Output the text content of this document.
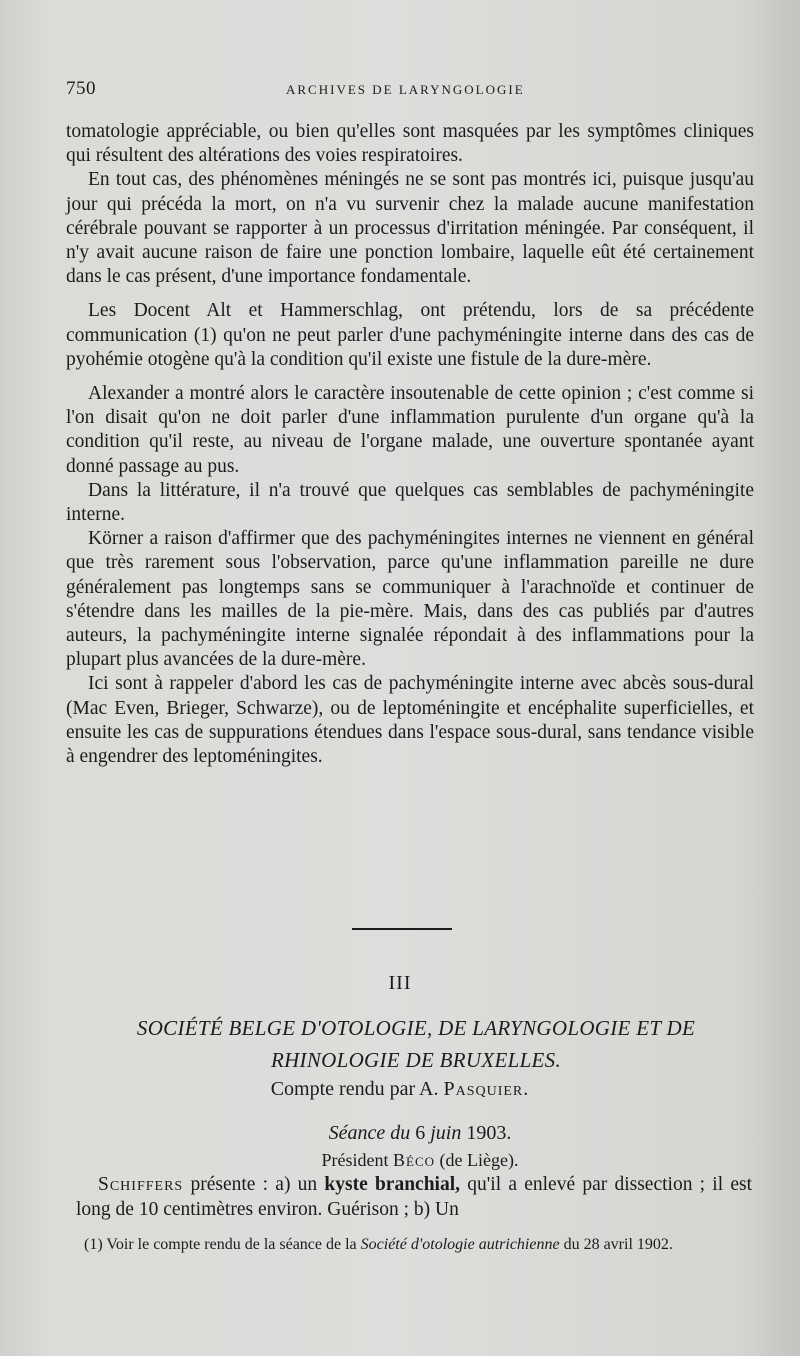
750	ARCHIVES DE LARYNGOLOGIE

tomatologie appréciable, ou bien qu'elles sont masquées par les symptômes cliniques qui résultent des altérations des voies respiratoires.

En tout cas, des phénomènes méningés ne se sont pas montrés ici, puisque jusqu'au jour qui précéda la mort, on n'a vu survenir chez la malade aucune manifestation cérébrale pouvant se rapporter à un processus d'irritation méningée. Par conséquent, il n'y avait aucune raison de faire une ponction lombaire, laquelle eût été certainement dans le cas présent, d'une importance fondamentale.

Les Docent Alt et Hammerschlag, ont prétendu, lors de sa précédente communication (1) qu'on ne peut parler d'une pachyméningite interne dans des cas de pyohémie otogène qu'à la condition qu'il existe une fistule de la dure-mère.

Alexander a montré alors le caractère insoutenable de cette opinion ; c'est comme si l'on disait qu'on ne doit parler d'une inflammation purulente d'un organe qu'à la condition qu'il reste, au niveau de l'organe malade, une ouverture spontanée ayant donné passage au pus.

Dans la littérature, il n'a trouvé que quelques cas semblables de pachyméningite interne.

Körner a raison d'affirmer que des pachyméningites internes ne viennent en général que très rarement sous l'observation, parce qu'une inflammation pareille ne dure généralement pas longtemps sans se communiquer à l'arachnoïde et continuer de s'étendre dans les mailles de la pie-mère. Mais, dans des cas publiés par d'autres auteurs, la pachyméningite interne signalée répondait à des inflammations pour la plupart plus avancées de la dure-mère.

Ici sont à rappeler d'abord les cas de pachyméningite interne avec abcès sous-dural (Mac Even, Brieger, Schwarze), ou de leptoméningite et encéphalite superficielles, et ensuite les cas de suppurations étendues dans l'espace sous-dural, sans tendance visible à engendrer des leptoméningites.

III
SOCIÉTÉ BELGE D'OTOLOGIE, DE LARYNGOLOGIE ET DE
RHINOLOGIE DE BRUXELLES.
Compte rendu par A. Pasquier.
Séance du 6 juin 1903.
Président Béco (de Liège).

Schiffers présente : a) un kyste branchial, qu'il a enlevé par dissection ; il est long de 10 centimètres environ. Guérison ; b) Un

(1) Voir le compte rendu de la séance de la Société d'otologie autrichienne du 28 avril 1902.
